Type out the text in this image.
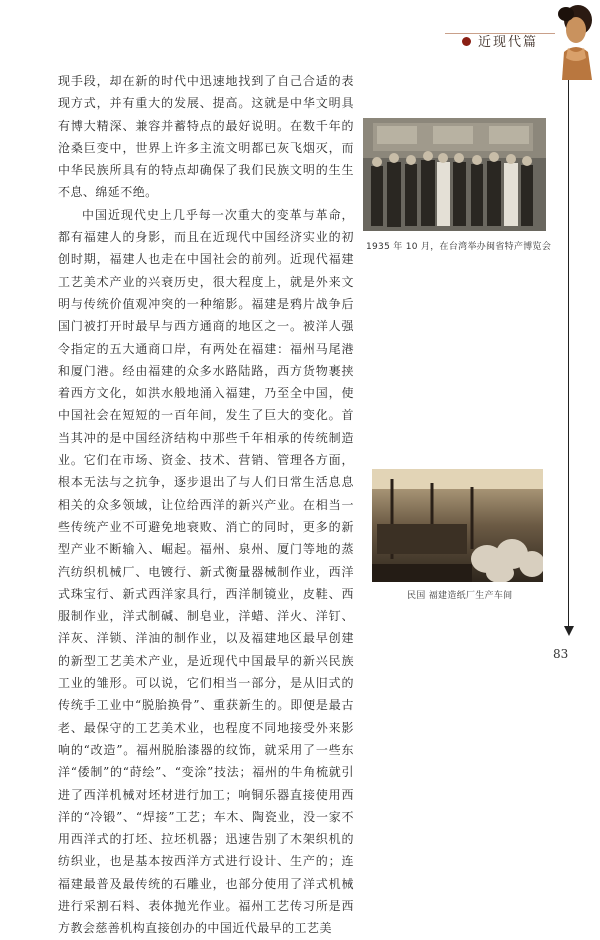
近现代篇
83

现手段，却在新的时代中迅速地找到了自己合适的表现方式，并有重大的发展、提高。这就是中华文明具有博大精深、兼容并蓄特点的最好说明。在数千年的沧桑巨变中，世界上许多主流文明都已灰飞烟灭，而中华民族所具有的特点却确保了我们民族文明的生生不息、绵延不绝。

中国近现代史上几乎每一次重大的变革与革命，都有福建人的身影，而且在近现代中国经济实业的初创时期，福建人也走在中国社会的前列。近现代福建工艺美术产业的兴衰历史，很大程度上，就是外来文明与传统价值观冲突的一种缩影。福建是鸦片战争后国门被打开时最早与西方通商的地区之一。被洋人强令指定的五大通商口岸，有两处在福建：福州马尾港和厦门港。经由福建的众多水路陆路，西方货物裹挟着西方文化，如洪水般地涌入福建，乃至全中国，使中国社会在短短的一百年间，发生了巨大的变化。首当其冲的是中国经济结构中那些千年相承的传统制造业。它们在市场、资金、技术、营销、管理各方面，根本无法与之抗争，逐步退出了与人们日常生活息息相关的众多领域，让位给西洋的新兴产业。在相当一些传统产业不可避免地衰败、消亡的同时，更多的新型产业不断输入、崛起。福州、泉州、厦门等地的蒸汽纺织机械厂、电镀行、新式衡量器械制作业，西洋式珠宝行、新式西洋家具行，西洋制镜业，皮鞋、西服制作业，洋式制碱、制皂业，洋蜡、洋火、洋钉、洋灰、洋锁、洋油的制作业，以及福建地区最早创建的新型工艺美术产业，是近现代中国最早的新兴民族工业的雏形。可以说，它们相当一部分，是从旧式的传统手工业中“脱胎换骨”、重获新生的。即便是最古老、最保守的工艺美术业，也程度不同地接受外来影响的“改造”。福州脱胎漆器的纹饰，就采用了一些东洋“倭制”的“莳绘”、“变涂”技法；福州的牛角梳就引进了西洋机械对坯材进行加工；响铜乐器直接使用西洋的“冷锻”、“焊接”工艺；车木、陶瓷业，没一家不用西洋式的打坯、拉坯机器；迅速告别了木架织机的纺织业，也是基本按西洋方式进行设计、生产的；连福建最普及最传统的石雕业，也部分使用了洋式机械进行采割石料、表体抛光作业。福州工艺传习所是西方教会慈善机构直接创办的中国近代最早的工艺美

1935 年 10 月，在台湾举办闽省特产博览会
民国 福建造纸厂生产车间
